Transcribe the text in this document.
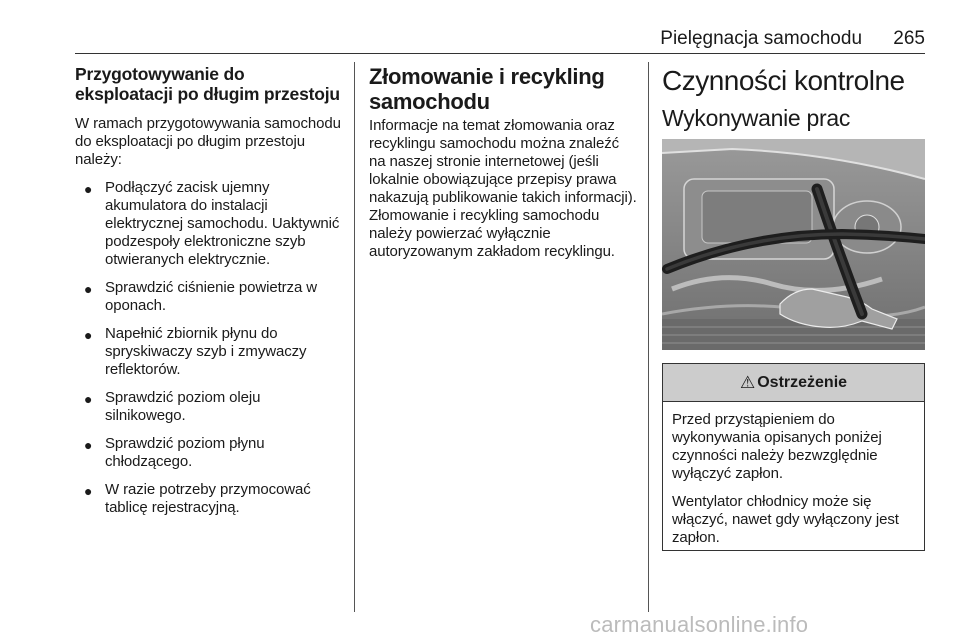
Pielęgnacja samochodu 265
Przygotowywanie do eksploatacji po długim przestoju

W ramach przygotowywania samochodu do eksploatacji po długim przestoju należy:

● Podłączyć zacisk ujemny akumulatora do instalacji elektrycznej samochodu. Uaktywnić podzespoły elektroniczne szyb otwieranych elektrycznie.
● Sprawdzić ciśnienie powietrza w oponach.
● Napełnić zbiornik płynu do spryskiwaczy szyb i zmywaczy reflektorów.
● Sprawdzić poziom oleju silnikowego.
● Sprawdzić poziom płynu chłodzącego.
● W razie potrzeby przymocować tablicę rejestracyjną.
Złomowanie i recykling samochodu

Informacje na temat złomowania oraz recyklingu samochodu można znaleźć na naszej stronie internetowej (jeśli lokalnie obowiązujące przepisy prawa nakazują publikowanie takich informacji). Złomowanie i recykling samochodu należy powierzać wyłącznie autoryzowanym zakładom recyklingu.

Czynności kontrolne
Wykonywanie prac
⚠ Ostrzeżenie

Przed przystąpieniem do wykonywania opisanych poniżej czynności należy bezwzględnie wyłączyć zapłon.

Wentylator chłodnicy może się włączyć, nawet gdy wyłączony jest zapłon.

carmanualsonline.info
